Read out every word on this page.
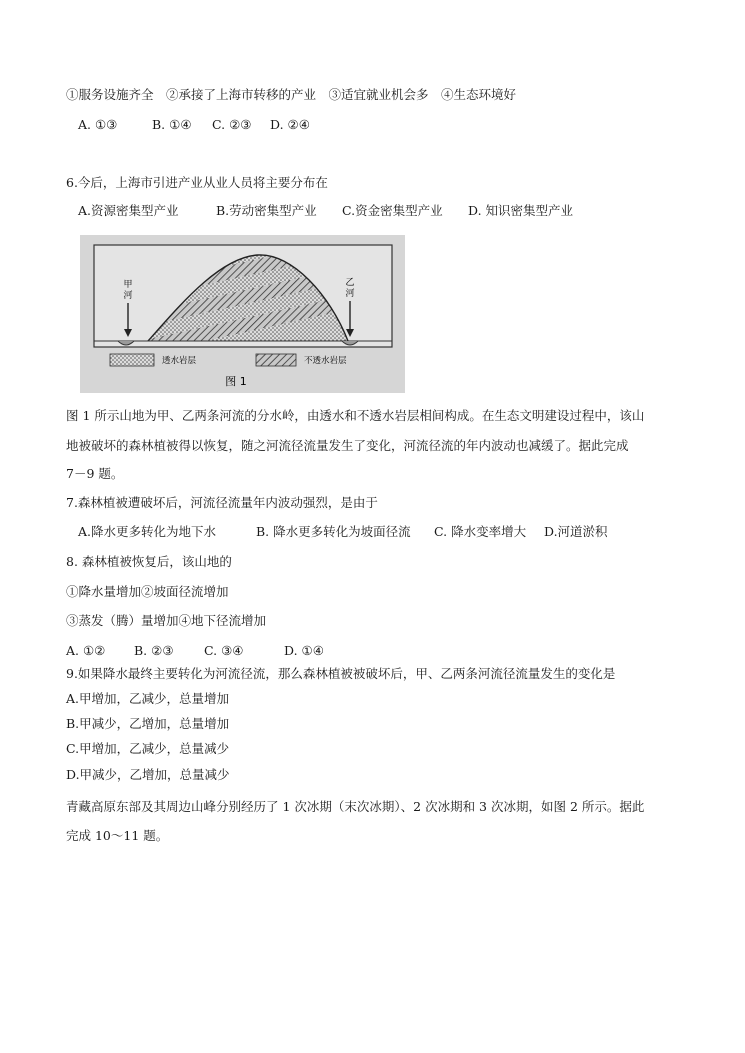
①服务设施齐全　②承接了上海市转移的产业　③适宜就业机会多　④生态环境好
A. ①③	B. ①④ C. ②③ D. ②④
6.今后，上海市引进产业从业人员将主要分布在
A.资源密集型产业	B.劳动密集型产业 C.资金密集型产业 D. 知识密集型产业
甲
河
乙
河
透水岩层	不透水岩层
图 1
图 1 所示山地为甲、乙两条河流的分水岭，由透水和不透水岩层相间构成。在生态文明建设过程中，该山
地被破坏的森林植被得以恢复，随之河流径流量发生了变化，河流径流的年内波动也减缓了。据此完成
7－9 题。
7.森林植被遭破坏后，河流径流量年内波动强烈，是由于
A.降水更多转化为地下水	B. 降水更多转化为坡面径流 C. 降水变率增大 D.河道淤积
8. 森林植被恢复后，该山地的
①降水量增加②坡面径流增加
③蒸发（腾）量增加④地下径流增加
A. ①② B. ②③ C. ③④	D. ①④
9.如果降水最终主要转化为河流径流，那么森林植被被破坏后，甲、乙两条河流径流量发生的变化是
A.甲增加，乙减少，总量增加
B.甲减少，乙增加，总量增加
C.甲增加，乙减少，总量减少
D.甲减少，乙增加，总量减少
青藏高原东部及其周边山峰分别经历了 1 次冰期（末次冰期）、2 次冰期和 3 次冰期，如图 2 所示。据此
完成 10～11 题。
